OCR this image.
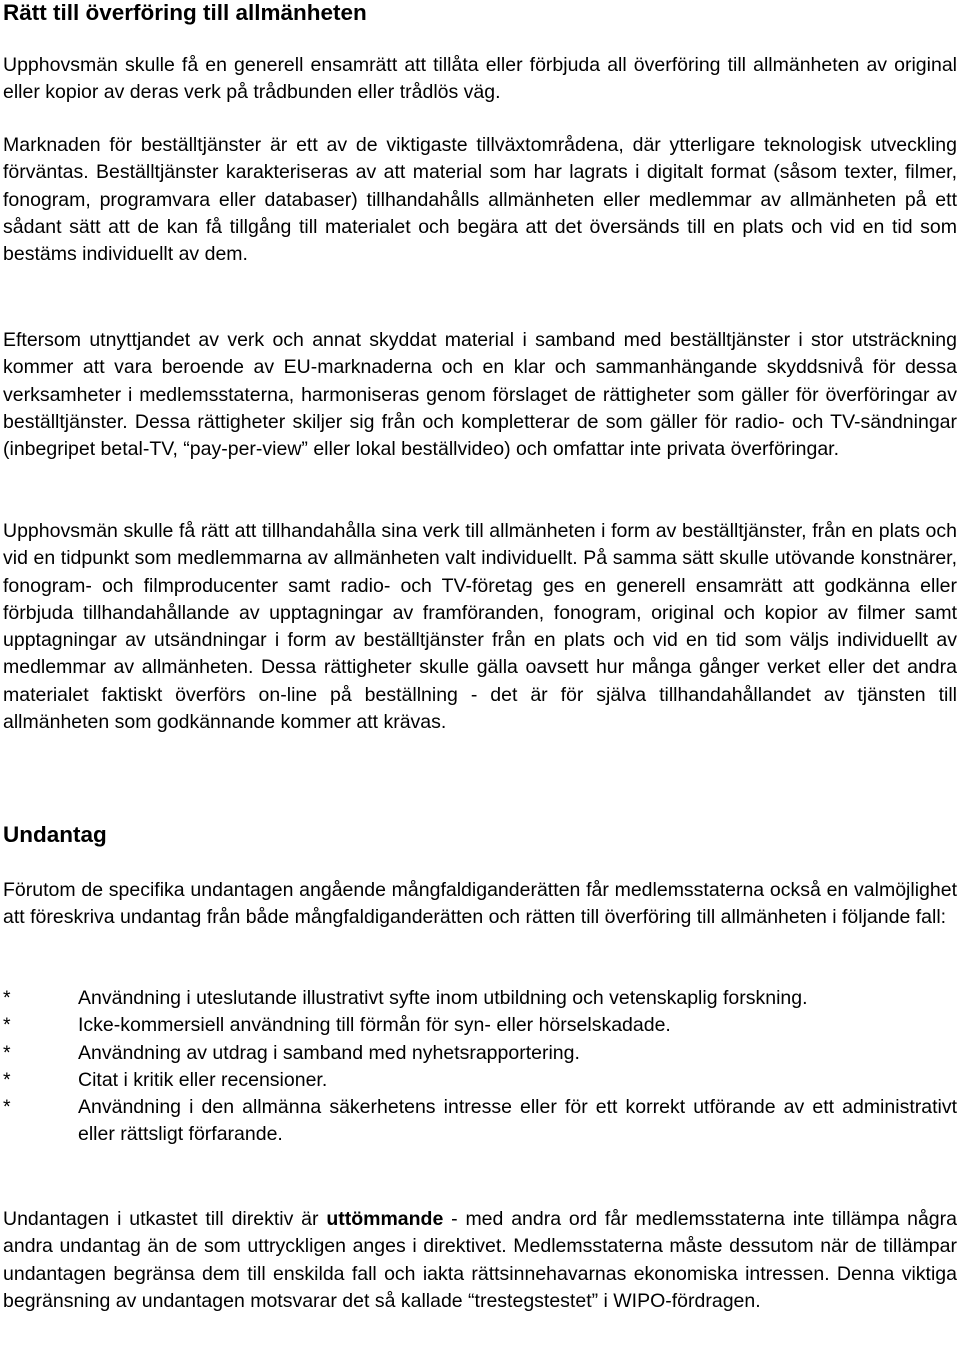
Rätt till överföring till allmänheten

Upphovsmän skulle få en generell ensamrätt att tillåta eller förbjuda all överföring till allmänheten av original eller kopior av deras verk på trådbunden eller trådlös väg.

Marknaden för beställtjänster är ett av de viktigaste tillväxtområdena, där ytterligare teknologisk utveckling förväntas. Beställtjänster karakteriseras av att material som har lagrats i digitalt format (såsom texter, filmer, fonogram, programvara eller databaser) tillhandahålls allmänheten eller medlemmar av allmänheten på ett sådant sätt att de kan få tillgång till materialet och begära att det översänds till en plats och vid en tid som bestäms individuellt av dem.

Eftersom utnyttjandet av verk och annat skyddat material i samband med beställtjänster i stor utsträckning kommer att vara beroende av EU-marknaderna och en klar och sammanhängande skyddsnivå för dessa verksamheter i medlemsstaterna, harmoniseras genom förslaget de rättigheter som gäller för överföringar av beställtjänster. Dessa rättigheter skiljer sig från och kompletterar de som gäller för radio- och TV-sändningar (inbegripet betal-TV, “pay-per-view” eller lokal beställvideo) och omfattar inte privata överföringar.

Upphovsmän skulle få rätt att tillhandahålla sina verk till allmänheten i form av beställtjänster, från en plats och vid en tidpunkt som medlemmarna av allmänheten valt individuellt. På samma sätt skulle utövande konstnärer, fonogram- och filmproducenter samt radio- och TV-företag ges en generell ensamrätt att godkänna eller förbjuda tillhandahållande av upptagningar av framföranden, fonogram, original och kopior av filmer samt upptagningar av utsändningar i form av beställtjänster från en plats och vid en tid som väljs individuellt av medlemmar av allmänheten. Dessa rättigheter skulle gälla oavsett hur många gånger verket eller det andra materialet faktiskt överförs on-line på beställning - det är för själva tillhandahållandet av tjänsten till allmänheten som godkännande kommer att krävas.

Undantag

Förutom de specifika undantagen angående mångfaldiganderätten får medlemsstaterna också en valmöjlighet att föreskriva undantag från både mångfaldiganderätten och rätten till överföring till allmänheten i följande fall:

*	Användning i uteslutande illustrativt syfte inom utbildning och vetenskaplig forskning.
*	Icke-kommersiell användning till förmån för syn- eller hörselskadade.
*	Användning av utdrag i samband med nyhetsrapportering.
*	Citat i kritik eller recensioner.
*	Användning i den allmänna säkerhetens intresse eller för ett korrekt utförande av ett administrativt eller rättsligt förfarande.

Undantagen i utkastet till direktiv är uttömmande - med andra ord får medlemsstaterna inte tillämpa några andra undantag än de som uttryckligen anges i direktivet. Medlemsstaterna måste dessutom när de tillämpar undantagen begränsa dem till enskilda fall och iakta rättsinnehavarnas ekonomiska intressen. Denna viktiga begränsning av undantagen motsvarar det så kallade “trestegstestet” i WIPO-fördragen.
